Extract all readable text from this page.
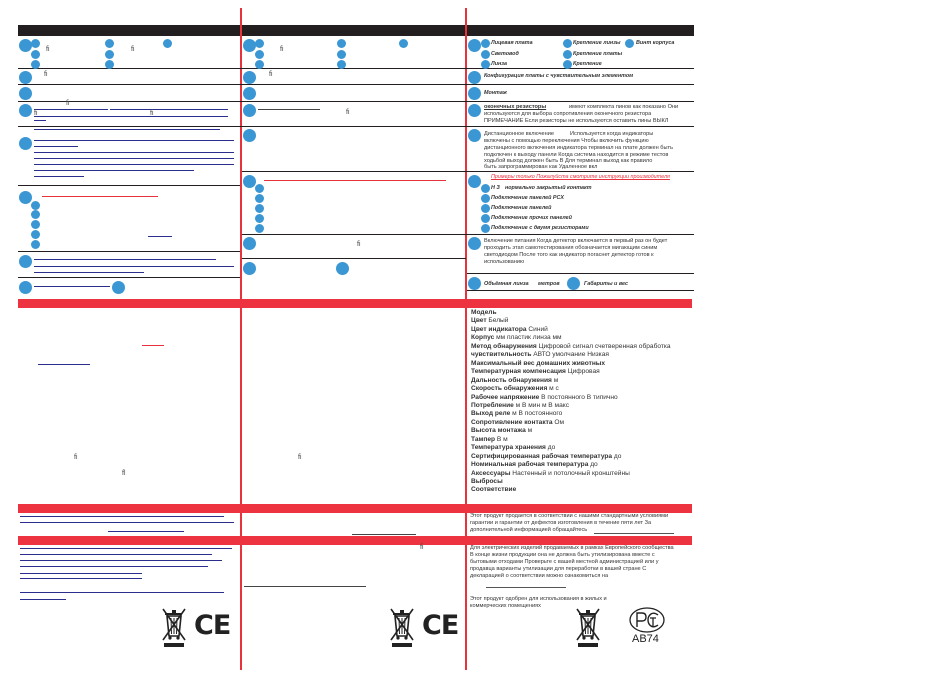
ﬁ	ﬁ
ﬁ
ﬁ
ﬁ	ﬁ
ﬁ
ﬂ
CE
ﬁ
ﬁ
ﬁ
ﬁ
ﬁ
ﬁ
CE
Лицевая плата	Крепление линзы	Винт корпуса
Световод	Крепление платы
Линза	Крепление
Конфигурация платы с чувствительным элементом
Монтаж
оконечных резисторы	имеют комплекта пинов как показано Они
используются для выбора сопротивления оконечного резистора
ПРИМЕЧАНИЕ Если резисторы не используются оставить пины ВЫКЛ
Дистанционное включение	Используется когда индикаторы
включены с помощью переключения Чтобы включить функцию
дистанционного включения индикатора терминал на плате должен быть
подключен к выходу панели Когда система находится в режиме тестов
ходьбой выход должен быть В Для терминал выход как правило
быть запрограммирован как Удаленное вкл
Примеры только Пожалуйста смотрите инструкции производителя
Н З нормально закрытый контакт
Подключение панелей PCX
Подключение панелей
Подключение прочих панелей
Подключение с двумя резисторами
Включение питания Когда детектор включается в первый раз он будет
проходить этап самотестирования обозначается мигающим синим
светодиодом После того как индикатор погаснет детектор готов к
использованию
Объёмная линза метров	Габариты и вес
Модель
Цвет Белый
Цвет индикатора Синий
Корпус мм пластик линза мм
Метод обнаружения Цифровой сигнал счетверенная обработка
чувствительность АВТО умолчание Низкая
Максимальный вес домашних животных
Температурная компенсация Цифровая
Дальность обнаружения м
Скорость обнаружения м с
Рабочее напряжение В постоянного В типично
Потребление м В мин м В макс
Выход реле м В постоянного
Сопротивление контакта Ом
Высота монтажа м
Тампер В м
Температура хранения до
Сертифицированная рабочая температура до
Номинальная рабочая температура до
Аксессуары Настенный и потолочный кронштейны
Выбросы
Соответствие
Этот продукт продается в соответствии с нашими стандартными условиями
гарантии и гарантии от дефектов изготовления в течение пяти лет За
дополнительной информацией обращайтесь
Для электрических изделий продаваемых в рамках Европейского сообщества
В конце жизни продукции она не должна быть утилизирована вместе с
бытовыми отходами Проверьте с вашей местной администрацией или у
продавца варианты утилизации для переработки в вашей стране С
декларацией о соответствии можно ознакомиться на
Этот продукт одобрен для использования в жилых и
коммерческих помещениях
АВ74
